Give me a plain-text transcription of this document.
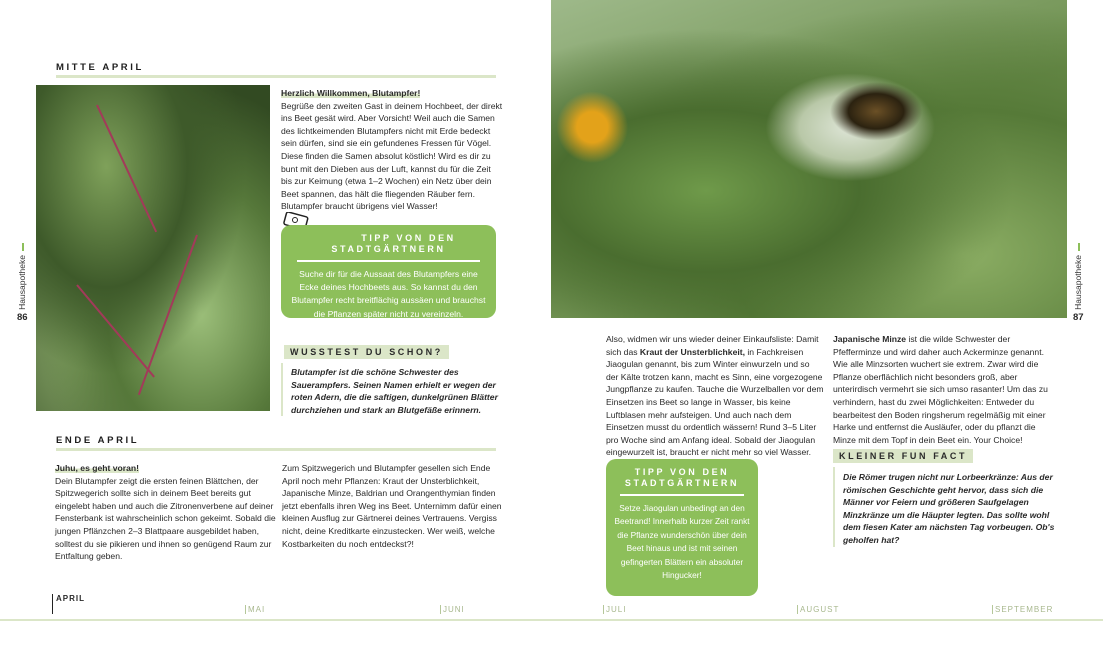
MITTE APRIL
Herzlich Willkommen, Blutampfer!
Begrüße den zweiten Gast in deinem Hochbeet, der direkt ins Beet gesät wird. Aber Vorsicht! Weil auch die Samen des lichtkeimenden Blutampfers nicht mit Erde bedeckt sein dürfen, sind sie ein gefundenes Fressen für Vögel. Diese finden die Samen absolut köstlich! Wird es dir zu bunt mit den Dieben aus der Luft, kannst du für die Zeit bis zur Keimung (etwa 1–2 Wochen) ein Netz über dein Beet spannen, das hält die fliegenden Räuber fern. Blutampfer braucht übrigens viel Wasser!
TIPP VON DEN
STADTGÄRTNERN
Suche dir für die Aussaat des Blutampfers eine Ecke deines Hochbeets aus. So kannst du den Blutampfer recht breitflächig aussäen und brauchst die Pflanzen später nicht zu vereinzeln.
WUSSTEST DU SCHON?
Blutampfer ist die schöne Schwester des Sauerampfers. Seinen Namen erhielt er wegen der roten Adern, die die saftigen, dunkelgrünen Blätter durchziehen und stark an Blutgefäße erinnern.
ENDE APRIL
Juhu, es geht voran!
Dein Blutampfer zeigt die ersten feinen Blättchen, der Spitzwegerich sollte sich in deinem Beet bereits gut eingelebt haben und auch die Zitronenverbene auf deiner Fensterbank ist wahrscheinlich schon gekeimt. Sobald die jungen Pflänzchen 2–3 Blattpaare ausgebildet haben, solltest du sie pikieren und ihnen so genügend Raum zur Entfaltung geben.
Zum Spitzwegerich und Blutampfer gesellen sich Ende April noch mehr Pflanzen: Kraut der Unsterblichkeit, Japanische Minze, Baldrian und Orangenthymian finden jetzt ebenfalls ihren Weg ins Beet. Unternimm dafür einen kleinen Ausflug zur Gärtnerei deines Vertrauens. Vergiss nicht, deine Kreditkarte einzustecken. Wer weiß, welche Kostbarkeiten du noch entdeckst?!
Hausapotheke
86
Also, widmen wir uns wieder deiner Einkaufsliste: Damit sich das Kraut der Unsterblichkeit, in Fachkreisen Jiaogulan genannt, bis zum Winter einwurzeln und so der Kälte trotzen kann, macht es Sinn, eine vorgezogene Jungpflanze zu kaufen. Tauche die Wurzelballen vor dem Einsetzen ins Beet so lange in Wasser, bis keine Luftblasen mehr aufsteigen. Und auch nach dem Einsetzen musst du ordentlich wässern! Rund 3–5 Liter pro Woche sind am Anfang ideal. Sobald der Jiaogulan eingewurzelt ist, braucht er nicht mehr so viel Wasser.
TIPP VON DEN
STADTGÄRTNERN
Setze Jiaogulan unbedingt an den Beetrand! Innerhalb kurzer Zeit rankt die Pflanze wunderschön über dein Beet hinaus und ist mit seinen gefingerten Blättern ein absoluter Hingucker!
Japanische Minze ist die wilde Schwester der Pfefferminze und wird daher auch Ackerminze genannt. Wie alle Minzsorten wuchert sie extrem. Zwar wird die Pflanze oberflächlich nicht besonders groß, aber unterirdisch vermehrt sie sich umso rasanter! Um das zu verhindern, hast du zwei Möglichkeiten: Entweder du bearbeitest den Boden ringsherum regelmäßig mit einer Harke und entfernst die Ausläufer, oder du pflanzt die Minze mit dem Topf in dein Beet ein. Your Choice!
KLEINER FUN FACT
Die Römer trugen nicht nur Lorbeerkränze: Aus der römischen Geschichte geht hervor, dass sich die Männer vor Feiern und größeren Saufgelagen Minzkränze um die Häupter legten. Das sollte wohl dem fiesen Kater am nächsten Tag vorbeugen. Ob's geholfen hat?
Hausapotheke
87
APRIL
MAI	JUNI	JULI	AUGUST	SEPTEMBER
